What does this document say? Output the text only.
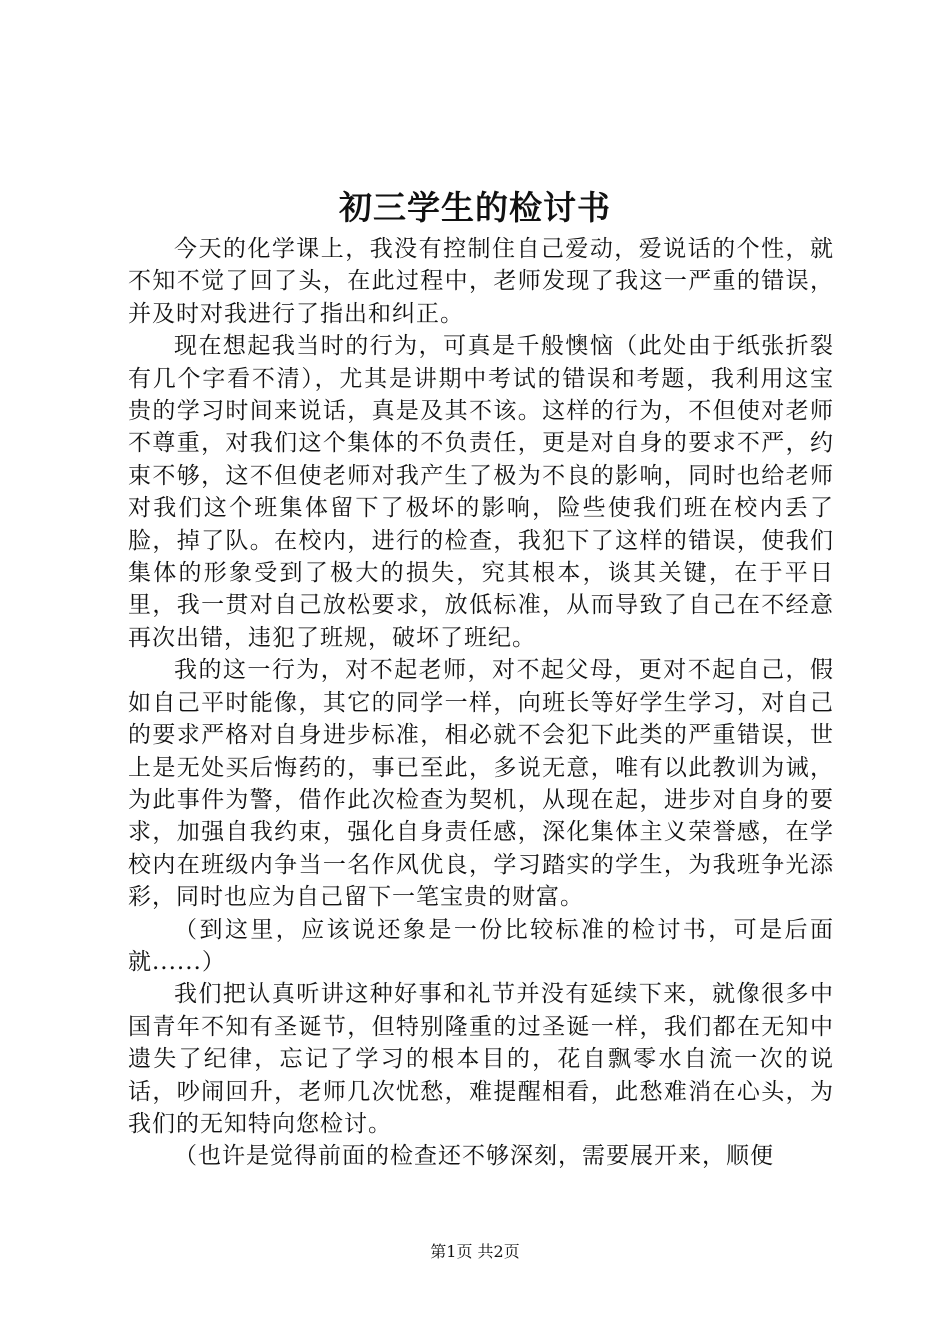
初三学生的检讨书

今天的化学课上，我没有控制住自己爱动，爱说话的个性，就不知不觉了回了头，在此过程中，老师发现了我这一严重的错误，并及时对我进行了指出和纠正。

现在想起我当时的行为，可真是千般懊恼（此处由于纸张折裂有几个字看不清），尤其是讲期中考试的错误和考题，我利用这宝贵的学习时间来说话，真是及其不该。这样的行为，不但使对老师不尊重，对我们这个集体的不负责任，更是对自身的要求不严，约束不够，这不但使老师对我产生了极为不良的影响，同时也给老师对我们这个班集体留下了极坏的影响，险些使我们班在校内丢了脸，掉了队。在校内，进行的检查，我犯下了这样的错误，使我们集体的形象受到了极大的损失，究其根本，谈其关键，在于平日里，我一贯对自己放松要求，放低标准，从而导致了自己在不经意再次出错，违犯了班规，破坏了班纪。

我的这一行为，对不起老师，对不起父母，更对不起自己，假如自己平时能像，其它的同学一样，向班长等好学生学习，对自己的要求严格对自身进步标准，相必就不会犯下此类的严重错误，世上是无处买后悔药的，事已至此，多说无意，唯有以此教训为诫，为此事件为警，借作此次检查为契机，从现在起，进步对自身的要求，加强自我约束，强化自身责任感，深化集体主义荣誉感，在学校内在班级内争当一名作风优良，学习踏实的学生，为我班争光添彩，同时也应为自己留下一笔宝贵的财富。

（到这里，应该说还象是一份比较标准的检讨书，可是后面就......）

我们把认真听讲这种好事和礼节并没有延续下来，就像很多中国青年不知有圣诞节，但特别隆重的过圣诞一样，我们都在无知中遗失了纪律，忘记了学习的根本目的，花自飘零水自流一次的说话，吵闹回升，老师几次忧愁，难提醒相看，此愁难消在心头，为我们的无知特向您检讨。

（也许是觉得前面的检查还不够深刻，需要展开来，顺便

第1页 共2页
